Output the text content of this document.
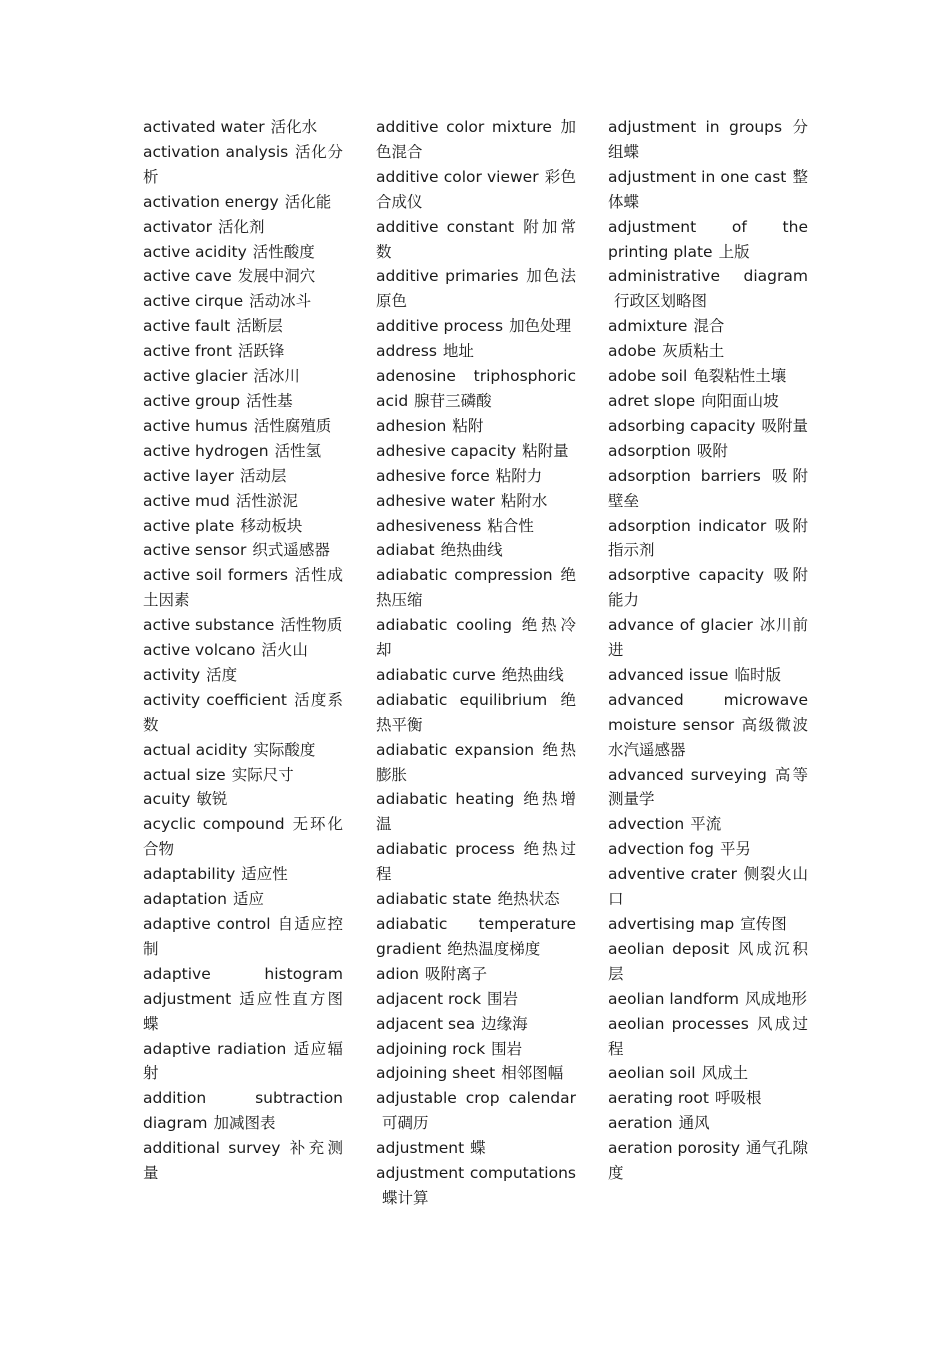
activated water 活化水
activation analysis 活化分析
activation energy 活化能
activator 活化剂
active acidity 活性酸度
active cave 发展中洞穴
active cirque 活动冰斗
active fault 活断层
active front 活跃锋
active glacier 活冰川
active group 活性基
active humus 活性腐殖质
active hydrogen 活性氢
active layer 活动层
active mud 活性淤泥
active plate 移动板块
active sensor 织式遥感器
active soil formers 活性成土因素
active substance 活性物质
active volcano 活火山
activity 活度
activity coefficient 活度系数
actual acidity 实际酸度
actual size 实际尺寸
acuity 敏锐
acyclic compound 无环化合物
adaptability 适应性
adaptation 适应
adaptive control 自适应控制
adaptive histogram adjustment 适应性直方图蝶
adaptive radiation 适应辐射
addition subtraction diagram 加减图表
additional survey 补充测量
additive color mixture 加色混合
additive color viewer 彩色合成仪
additive constant 附加常数
additive primaries 加色法原色
additive process 加色处理
address 地址
adenosine triphosphoric acid 腺苷三磷酸
adhesion 粘附
adhesive capacity 粘附量
adhesive force 粘附力
adhesive water 粘附水
adhesiveness 粘合性
adiabat 绝热曲线
adiabatic compression 绝热压缩
adiabatic cooling 绝热冷却
adiabatic curve 绝热曲线
adiabatic equilibrium 绝热平衡
adiabatic expansion 绝热膨胀
adiabatic heating 绝热增温
adiabatic process 绝热过程
adiabatic state 绝热状态
adiabatic temperature gradient 绝热温度梯度
adion 吸附离子
adjacent rock 围岩
adjacent sea 边缘海
adjoining rock 围岩
adjoining sheet 相邻图幅
adjustable crop calendar可碉历
adjustment 蝶
adjustment computations蝶计算
adjustment in groups 分组蝶
adjustment in one cast 整体蝶
adjustment of the printing plate 上版
administrative diagram行政区划略图
admixture 混合
adobe 灰质粘土
adobe soil 龟裂粘性土壤
adret slope 向阳面山坡
adsorbing capacity 吸附量
adsorption 吸附
adsorption barriers 吸附壁垒
adsorption indicator 吸附指示剂
adsorptive capacity 吸附能力
advance of glacier 冰川前进
advanced issue 临时版
advanced microwave moisture sensor 高级微波水汽遥感器
advanced surveying 高等测量学
advection 平流
advection fog 平另
adventive crater 侧裂火山口
advertising map 宣传图
aeolian deposit 风成沉积层
aeolian landform 风成地形
aeolian processes 风成过程
aeolian soil 风成土
aerating root 呼吸根
aeration 通风
aeration porosity 通气孔隙度
